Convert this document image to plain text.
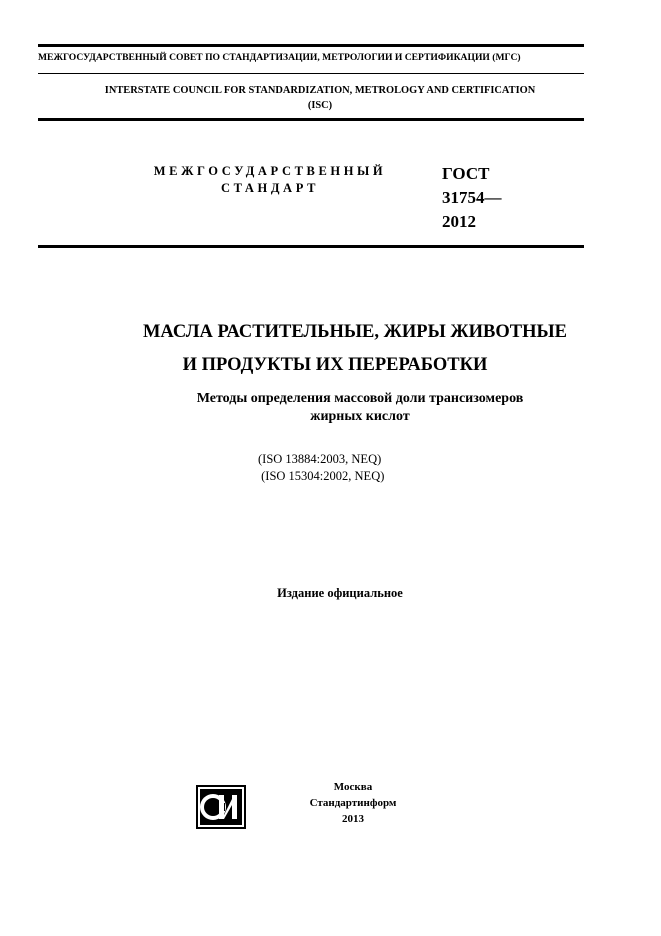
МЕЖГОСУДАРСТВЕННЫЙ СОВЕТ ПО СТАНДАРТИЗАЦИИ, МЕТРОЛОГИИ И СЕРТИФИКАЦИИ (МГС)
INTERSTATE COUNCIL FOR STANDARDIZATION, METROLOGY AND CERTIFICATION
(ISC)
МЕЖГОСУДАРСТВЕННЫЙ
СТАНДАРТ
ГОСТ
31754—
2012
МАСЛА РАСТИТЕЛЬНЫЕ, ЖИРЫ ЖИВОТНЫЕ
И ПРОДУКТЫ ИХ ПЕРЕРАБОТКИ
Методы определения массовой доли трансизомеров
жирных кислот
(ISO 13884:2003, NEQ)
(ISO 15304:2002, NEQ)
Издание официальное
Москва
Стандартинформ
2013
